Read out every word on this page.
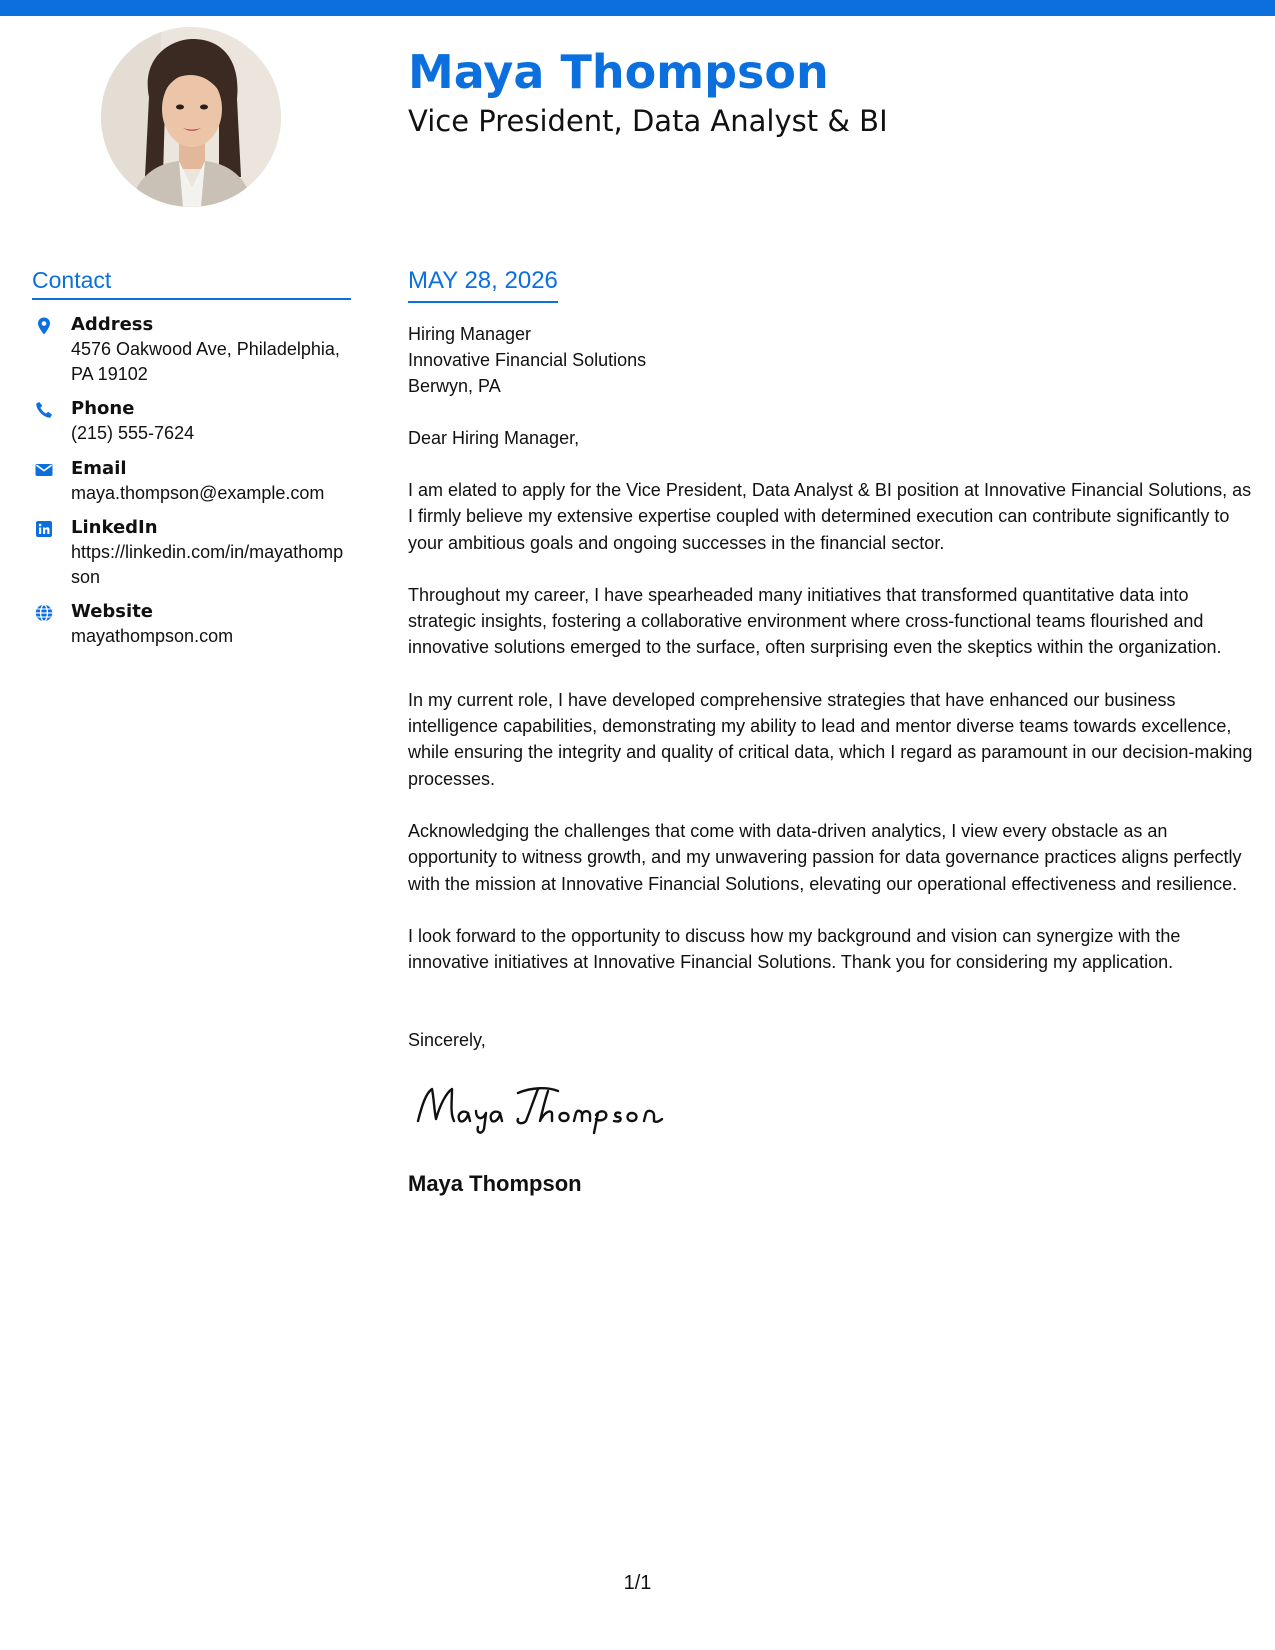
Maya Thompson
Vice President, Data Analyst & BI
Contact
Address
4576 Oakwood Ave, Philadelphia, PA 19102
Phone
(215) 555-7624
Email
maya.thompson@example.com
LinkedIn
https://linkedin.com/in/mayathompson
Website
mayathompson.com
MAY 28, 2026
Hiring Manager
Innovative Financial Solutions
Berwyn, PA
Dear Hiring Manager,
I am elated to apply for the Vice President, Data Analyst & BI position at Innovative Financial Solutions, as I firmly believe my extensive expertise coupled with determined execution can contribute significantly to your ambitious goals and ongoing successes in the financial sector.
Throughout my career, I have spearheaded many initiatives that transformed quantitative data into strategic insights, fostering a collaborative environment where cross-functional teams flourished and innovative solutions emerged to the surface, often surprising even the skeptics within the organization.
In my current role, I have developed comprehensive strategies that have enhanced our business intelligence capabilities, demonstrating my ability to lead and mentor diverse teams towards excellence, while ensuring the integrity and quality of critical data, which I regard as paramount in our decision-making processes.
Acknowledging the challenges that come with data-driven analytics, I view every obstacle as an opportunity to witness growth, and my unwavering passion for data governance practices aligns perfectly with the mission at Innovative Financial Solutions, elevating our operational effectiveness and resilience.
I look forward to the opportunity to discuss how my background and vision can synergize with the innovative initiatives at Innovative Financial Solutions. Thank you for considering my application.
Sincerely,
Maya Thompson
1/1
